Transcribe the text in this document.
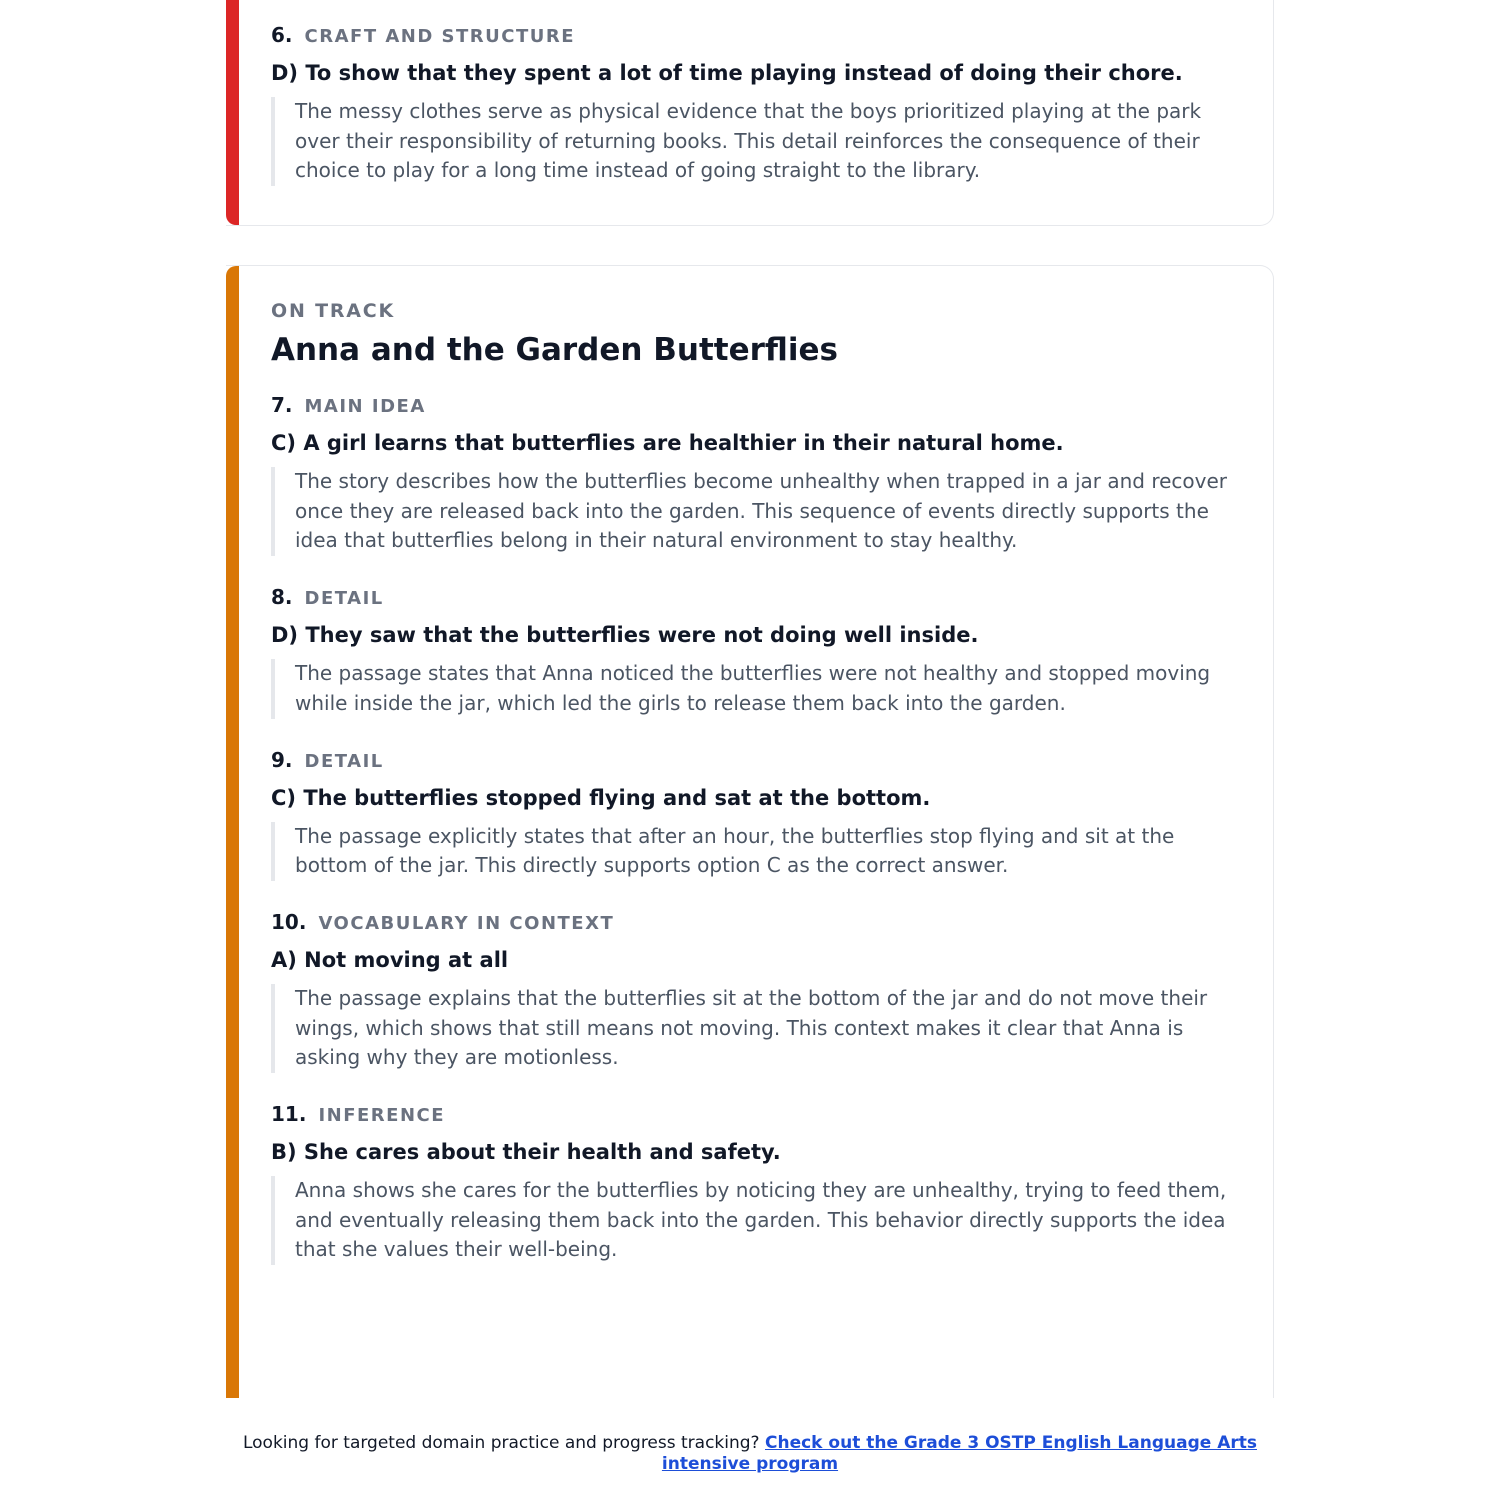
6. CRAFT AND STRUCTURE
D) To show that they spent a lot of time playing instead of doing their chore.
The messy clothes serve as physical evidence that the boys prioritized playing at the park over their responsibility of returning books. This detail reinforces the consequence of their choice to play for a long time instead of going straight to the library.
ON TRACK
Anna and the Garden Butterflies
7. MAIN IDEA
C) A girl learns that butterflies are healthier in their natural home.
The story describes how the butterflies become unhealthy when trapped in a jar and recover once they are released back into the garden. This sequence of events directly supports the idea that butterflies belong in their natural environment to stay healthy.
8. DETAIL
D) They saw that the butterflies were not doing well inside.
The passage states that Anna noticed the butterflies were not healthy and stopped moving while inside the jar, which led the girls to release them back into the garden.
9. DETAIL
C) The butterflies stopped flying and sat at the bottom.
The passage explicitly states that after an hour, the butterflies stop flying and sit at the bottom of the jar. This directly supports option C as the correct answer.
10. VOCABULARY IN CONTEXT
A) Not moving at all
The passage explains that the butterflies sit at the bottom of the jar and do not move their wings, which shows that still means not moving. This context makes it clear that Anna is asking why they are motionless.
11. INFERENCE
B) She cares about their health and safety.
Anna shows she cares for the butterflies by noticing they are unhealthy, trying to feed them, and eventually releasing them back into the garden. This behavior directly supports the idea that she values their well-being.
Looking for targeted domain practice and progress tracking? Check out the Grade 3 OSTP English Language Arts intensive program
